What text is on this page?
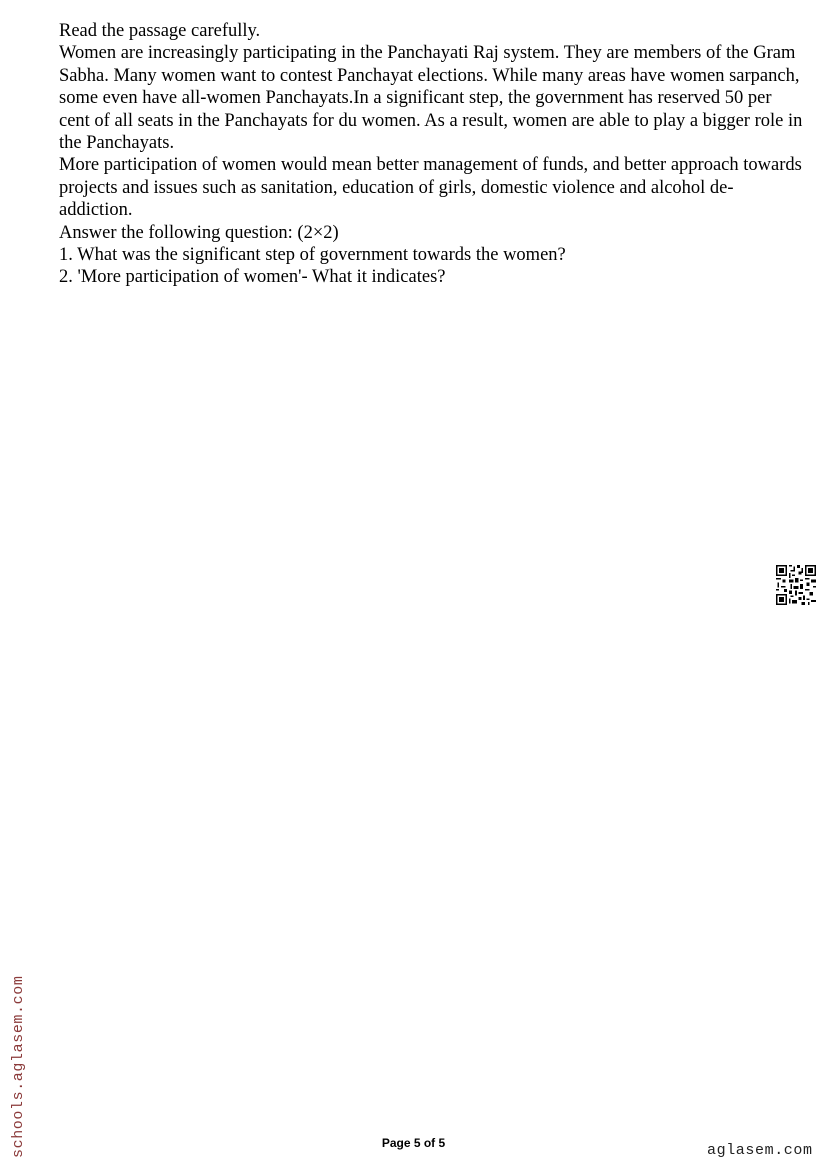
Read the passage carefully.

Women are increasingly participating in the Panchayati Raj system. They are members of the Gram Sabha. Many women want to contest Panchayat elections. While many areas have women sarpanch, some even have all-women Panchayats.In a significant step, the government has reserved 50 per cent of all seats in the Panchayats for du women. As a result, women are able to play a bigger role in the Panchayats.

More participation of women would mean better management of funds, and better approach towards projects and issues such as sanitation, education of girls, domestic violence and alcohol de-addiction.

Answer the following question: (2×2)

1. What was the significant step of government towards the women?

2. 'More participation of women'- What it indicates?

schools.aglasem.com	Page 5 of 5	aglasem.com
